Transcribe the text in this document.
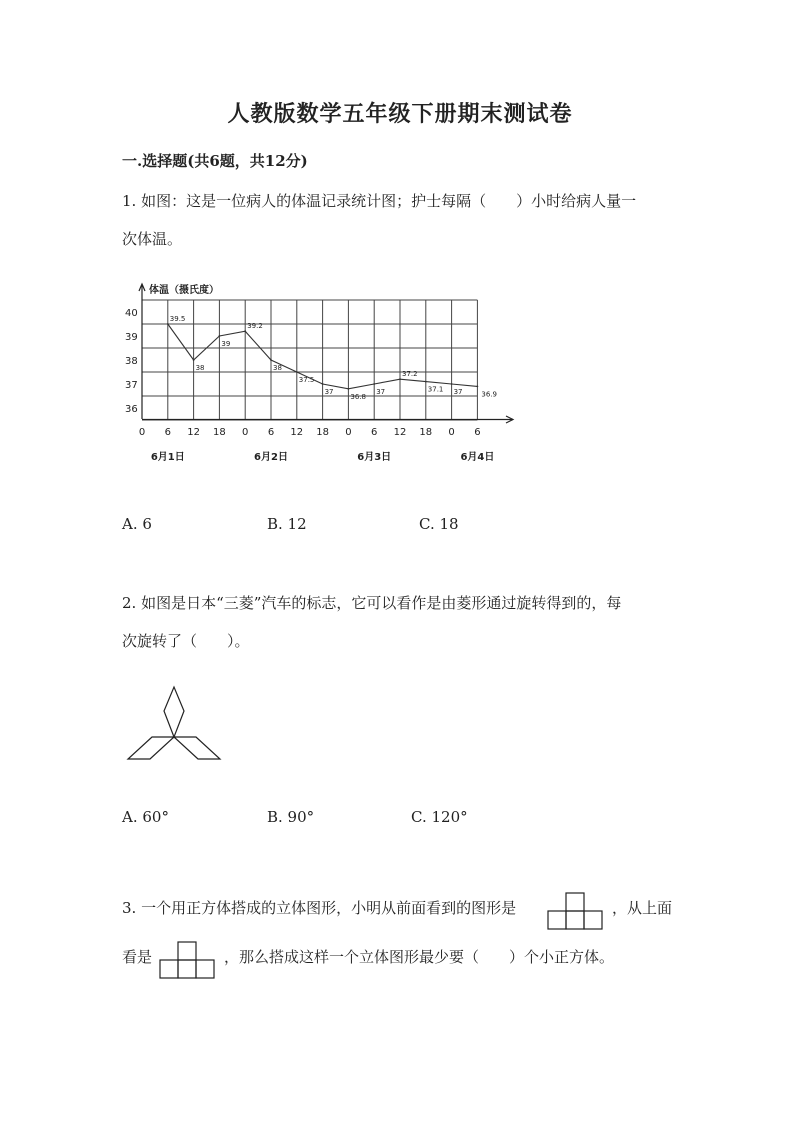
人教版数学五年级下册期末测试卷
一.选择题(共6题，共12分)
1. 如图：这是一位病人的体温记录统计图；护士每隔（　　）小时给病人量一
次体温。
体温（摄氏度）
40
39
38
37
36
0 6 12 18 0 6 12 18 0 6 12 18 0 6
6月1日	6月2日	6月3日	6月4日
39.5
38
39
39.2
38
37.5
37
36.8
37
37.2
37.1 37	36.9
A. 6	B. 12	C. 18
2. 如图是日本“三菱”汽车的标志，它可以看作是由菱形通过旋转得到的，每
次旋转了（　　）。
A. 60°	B. 90°	C. 120°
3. 一个用正方体搭成的立体图形，小明从前面看到的图形是	，从上面
看是	，那么搭成这样一个立体图形最少要（　　）个小正方体。
